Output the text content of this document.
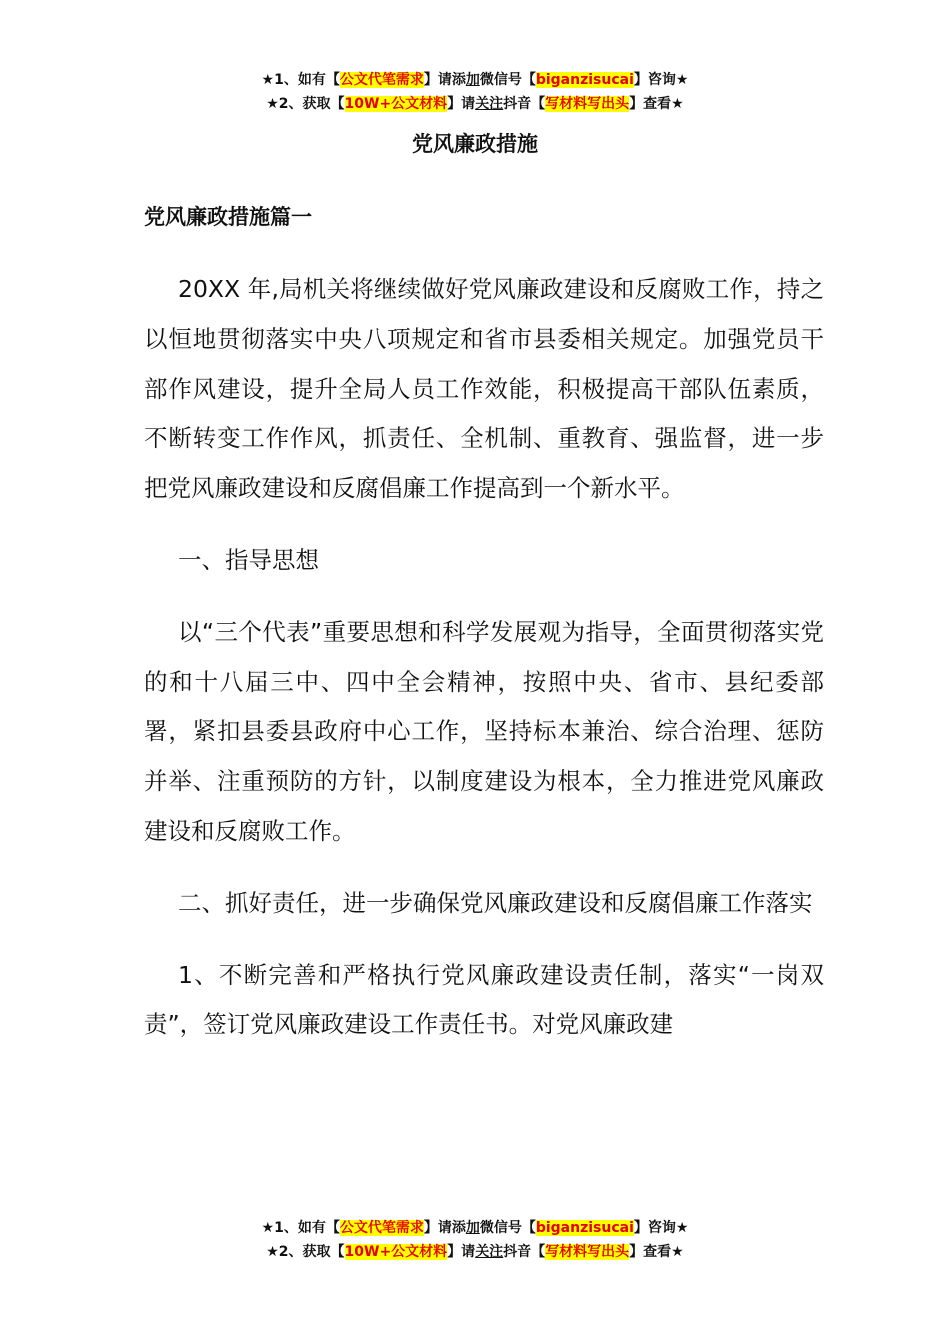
★1、如有【公文代笔需求】请添加微信号【biganzisucai】咨询★
★2、获取【10W+公文材料】请关注抖音【写材料写出头】查看★
党风廉政措施
党风廉政措施篇一

20XX 年,局机关将继续做好党风廉政建设和反腐败工作，持之以恒地贯彻落实中央八项规定和省市县委相关规定。加强党员干部作风建设，提升全局人员工作效能，积极提高干部队伍素质，不断转变工作作风，抓责任、全机制、重教育、强监督，进一步把党风廉政建设和反腐倡廉工作提高到一个新水平。

一、指导思想

以“三个代表”重要思想和科学发展观为指导，全面贯彻落实党的和十八届三中、四中全会精神，按照中央、省市、县纪委部署，紧扣县委县政府中心工作，坚持标本兼治、综合治理、惩防并举、注重预防的方针，以制度建设为根本，全力推进党风廉政建设和反腐败工作。

二、抓好责任，进一步确保党风廉政建设和反腐倡廉工作落实

1、不断完善和严格执行党风廉政建设责任制，落实“一岗双责”，签订党风廉政建设工作责任书。对党风廉政建

★1、如有【公文代笔需求】请添加微信号【biganzisucai】咨询★
★2、获取【10W+公文材料】请关注抖音【写材料写出头】查看★
